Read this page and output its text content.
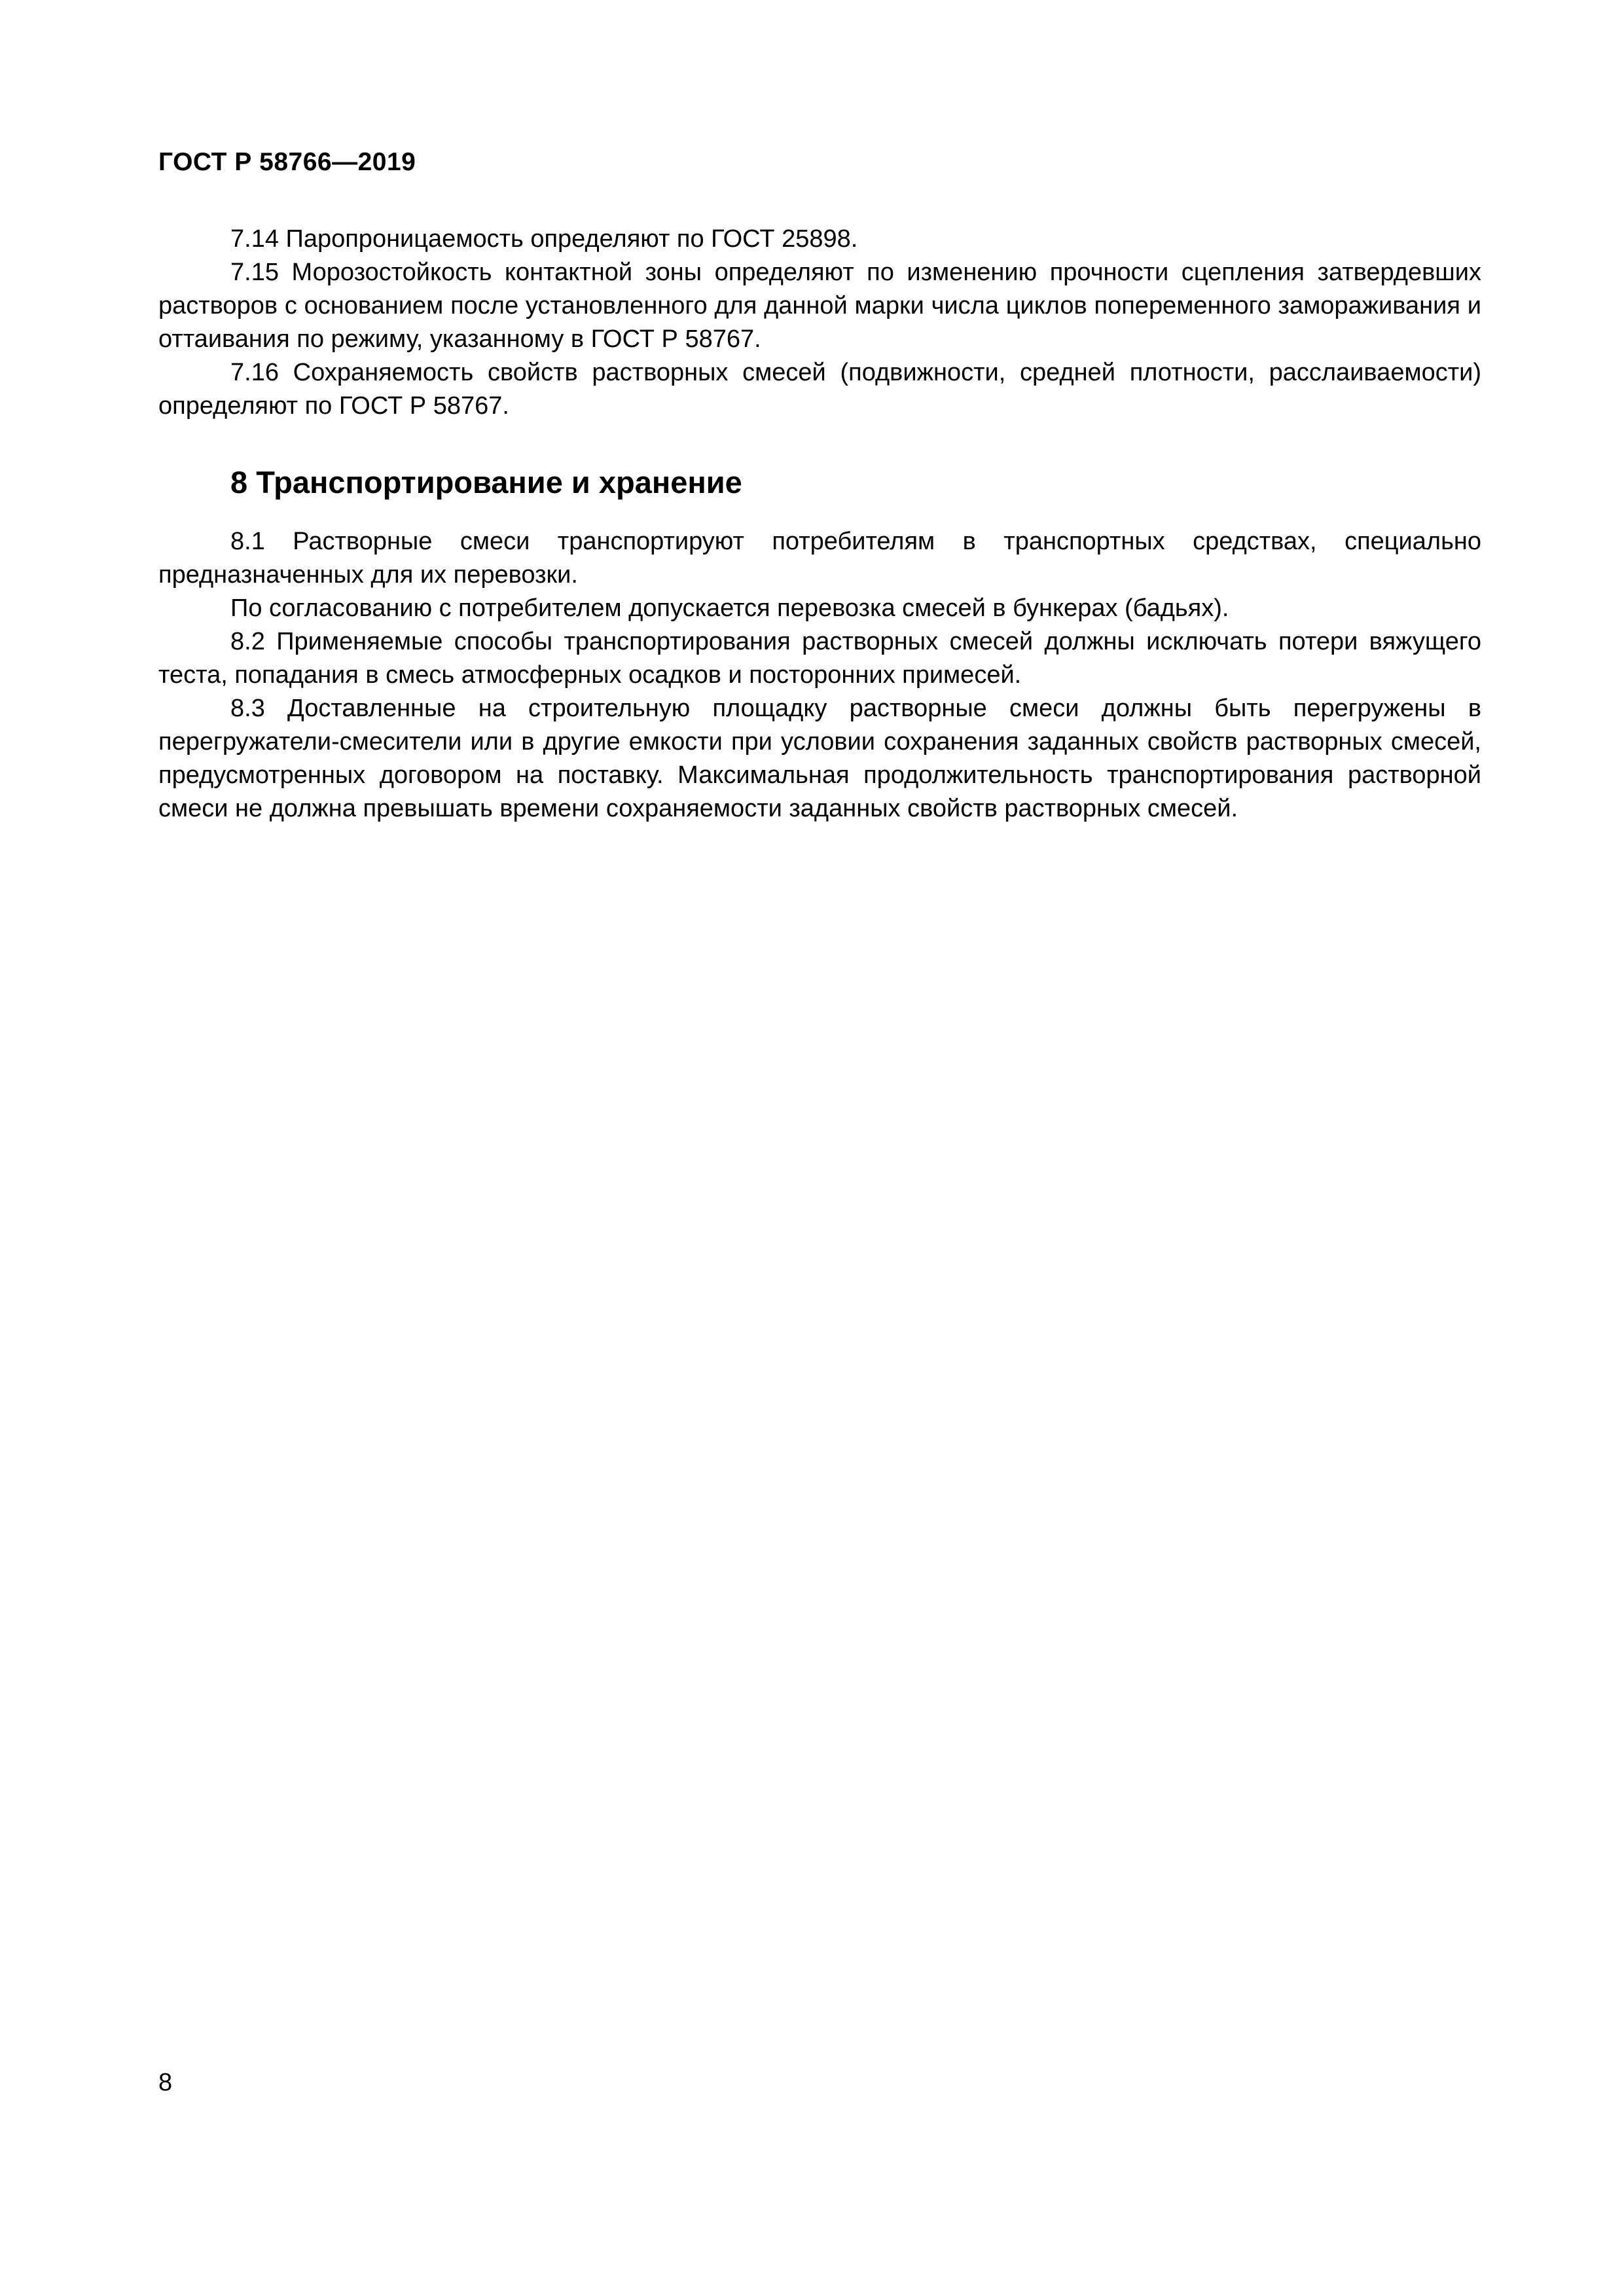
ГОСТ Р 58766—2019

7.14 Паропроницаемость определяют по ГОСТ 25898.

7.15 Морозостойкость контактной зоны определяют по изменению прочности сцепления затвердевших растворов с основанием после установленного для данной марки числа циклов попеременного замораживания и оттаивания по режиму, указанному в ГОСТ Р 58767.

7.16 Сохраняемость свойств растворных смесей (подвижности, средней плотности, расслаиваемости) определяют по ГОСТ Р 58767.

8 Транспортирование и хранение

8.1 Растворные смеси транспортируют потребителям в транспортных средствах, специально предназначенных для их перевозки.

По согласованию с потребителем допускается перевозка смесей в бункерах (бадьях).

8.2 Применяемые способы транспортирования растворных смесей должны исключать потери вяжущего теста, попадания в смесь атмосферных осадков и посторонних примесей.

8.3 Доставленные на строительную площадку растворные смеси должны быть перегружены в перегружатели-смесители или в другие емкости при условии сохранения заданных свойств растворных смесей, предусмотренных договором на поставку. Максимальная продолжительность транспортирования растворной смеси не должна превышать времени сохраняемости заданных свойств растворных смесей.

8
